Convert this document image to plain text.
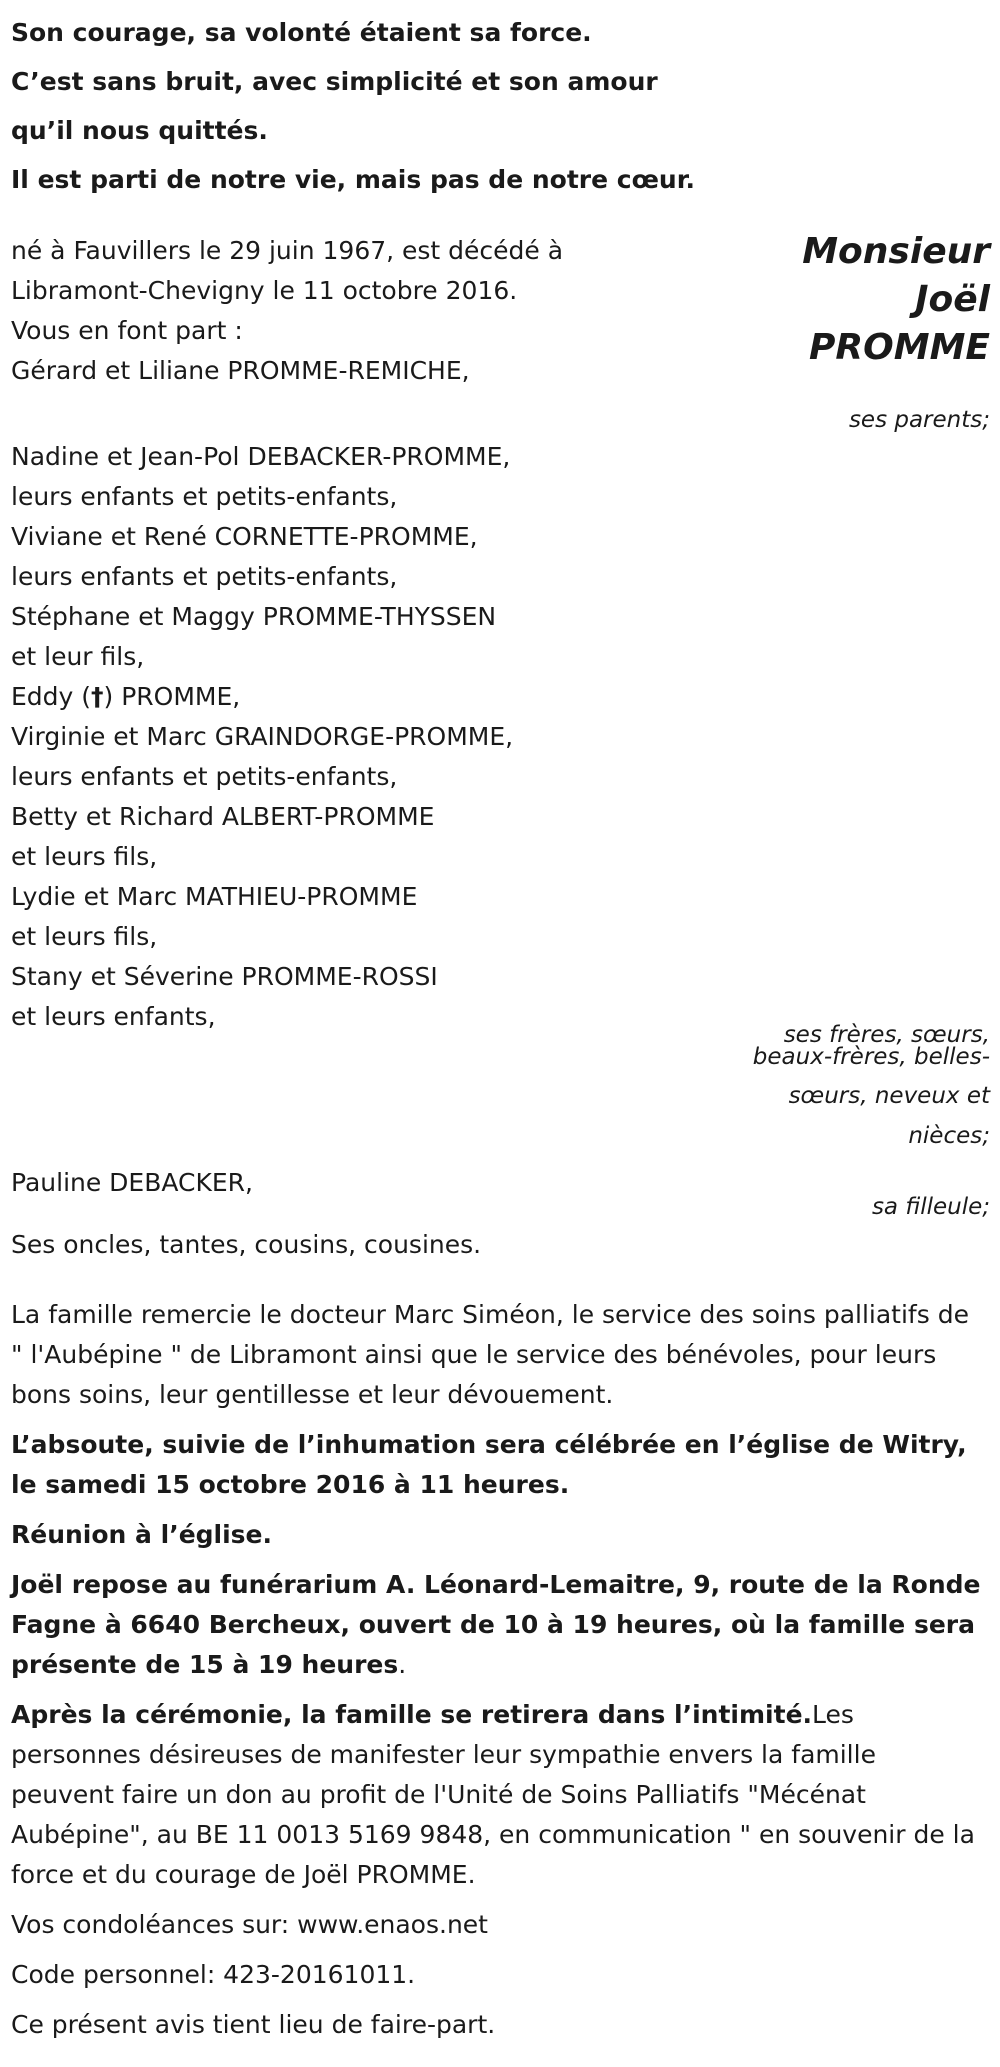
Son courage, sa volonté étaient sa force.

C’est sans bruit, avec simplicité et son amour

qu’il nous quittés.

Il est parti de notre vie, mais pas de notre cœur.

Monsieur
Joël
PROMME

né à Fauvillers le 29 juin 1967, est décédé à Libramont-Chevigny le 11 octobre 2016.

Vous en font part :

Gérard et Liliane PROMME-REMICHE,

ses parents;

Nadine et Jean-Pol DEBACKER-PROMME,

leurs enfants et petits-enfants,

Viviane et René CORNETTE-PROMME,

leurs enfants et petits-enfants,

Stéphane et Maggy PROMME-THYSSEN

et leur fils,

Eddy (†) PROMME,

Virginie et Marc GRAINDORGE-PROMME,

leurs enfants et petits-enfants,

Betty et Richard ALBERT-PROMME

et leurs fils,

Lydie et Marc MATHIEU-PROMME

et leurs fils,

Stany et Séverine PROMME-ROSSI

et leurs enfants,

ses frères, sœurs,
beaux-frères, belles-
sœurs, neveux et
nièces;
sa filleule;

Pauline DEBACKER,

Ses oncles, tantes, cousins, cousines.

La famille remercie le docteur Marc Siméon, le service des soins palliatifs de " l'Aubépine " de Libramont ainsi que le service des bénévoles, pour leurs bons soins, leur gentillesse et leur dévouement.

L’absoute, suivie de l’inhumation sera célébrée en l’église de Witry, le samedi 15 octobre 2016 à 11 heures.

Réunion à l’église.

Joël repose au funérarium A. Léonard-Lemaitre, 9, route de la Ronde Fagne à 6640 Bercheux, ouvert de 10 à 19 heures, où la famille sera présente de 15 à 19 heures.

Après la cérémonie, la famille se retirera dans l’intimité.Les personnes désireuses de manifester leur sympathie envers la famille peuvent faire un don au profit de l'Unité de Soins Palliatifs "Mécénat Aubépine", au BE 11 0013 5169 9848, en communication " en souvenir de la force et du courage de Joël PROMME.

Vos condoléances sur: www.enaos.net

Code personnel: 423-20161011.

Ce présent avis tient lieu de faire-part.
